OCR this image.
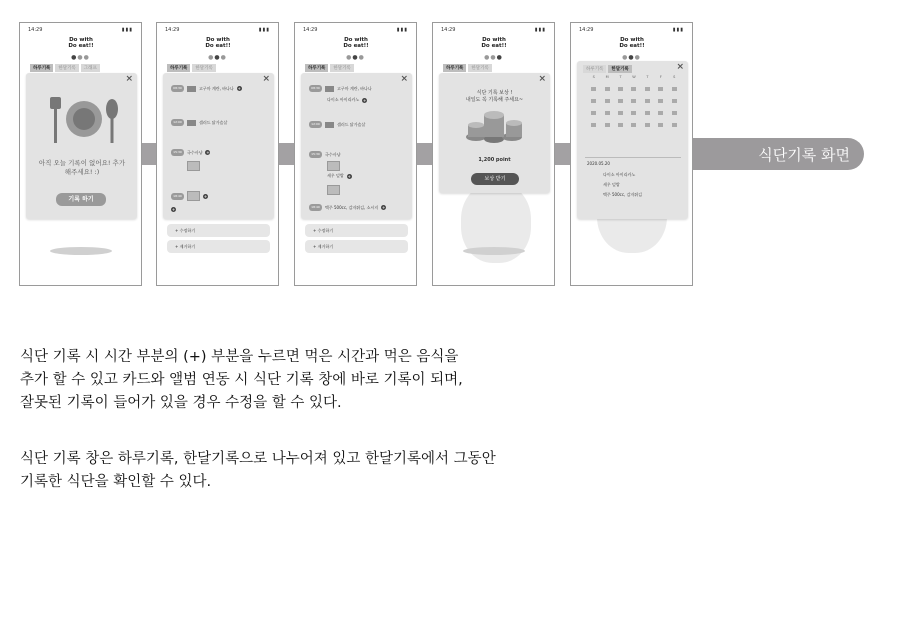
식단기록 화면
14:29	▮▮▮
Do with Do eat!!
●●●
하루기록	한달기록	그래프
×
아직 오늘 기록이 없어요! 추가해주세요! :)
기록 하기
14:29	▮▮▮
Do with Do eat!!
●●●
하루기록	한달기록
×
08:30	고구마 계란, 바나나 +
12:00	샐러드 닭가슴살
15:30	국수사냥 +
18:40	+
+
+ 수정하기
+ 제거하기
14:29	▮▮▮
Do with Do eat!!
●●●
하루기록	한달기록
×
08:30	고구마 계란, 바나나
다이소 아이리카노 +
12:00	샐러드 닭가슴살
15:30	국수사냥
새우 덮밥 +
18:40	맥주 500cc, 감자튀김, 소시지 +
+ 수정하기
+ 제거하기
14:29	▮▮▮
Do with Do eat!!
●●●
하루기록	한달기록
×
식단 기록 보상 !
내일도 꼭 기록해 주세요~
1,200 point
보상 받기
14:29	▮▮▮
Do with Do eat!!
●●●
하루기록	한달기록	×
S	M	T	W	T	F	S
2020.05.20
다이소 아이리카노
새우 덮밥
맥주 500cc, 감자튀김
식단 기록 시 시간 부분의 (+) 부분을 누르면 먹은 시간과 먹은 음식을
추가 할 수 있고 카드와 앨범 연동 시 식단 기록 창에 바로 기록이 되며,
잘못된 기록이 들어가 있을 경우 수정을 할 수 있다.
식단 기록 창은 하루기록, 한달기록으로 나누어져 있고 한달기록에서 그동안
기록한 식단을 확인할 수 있다.
